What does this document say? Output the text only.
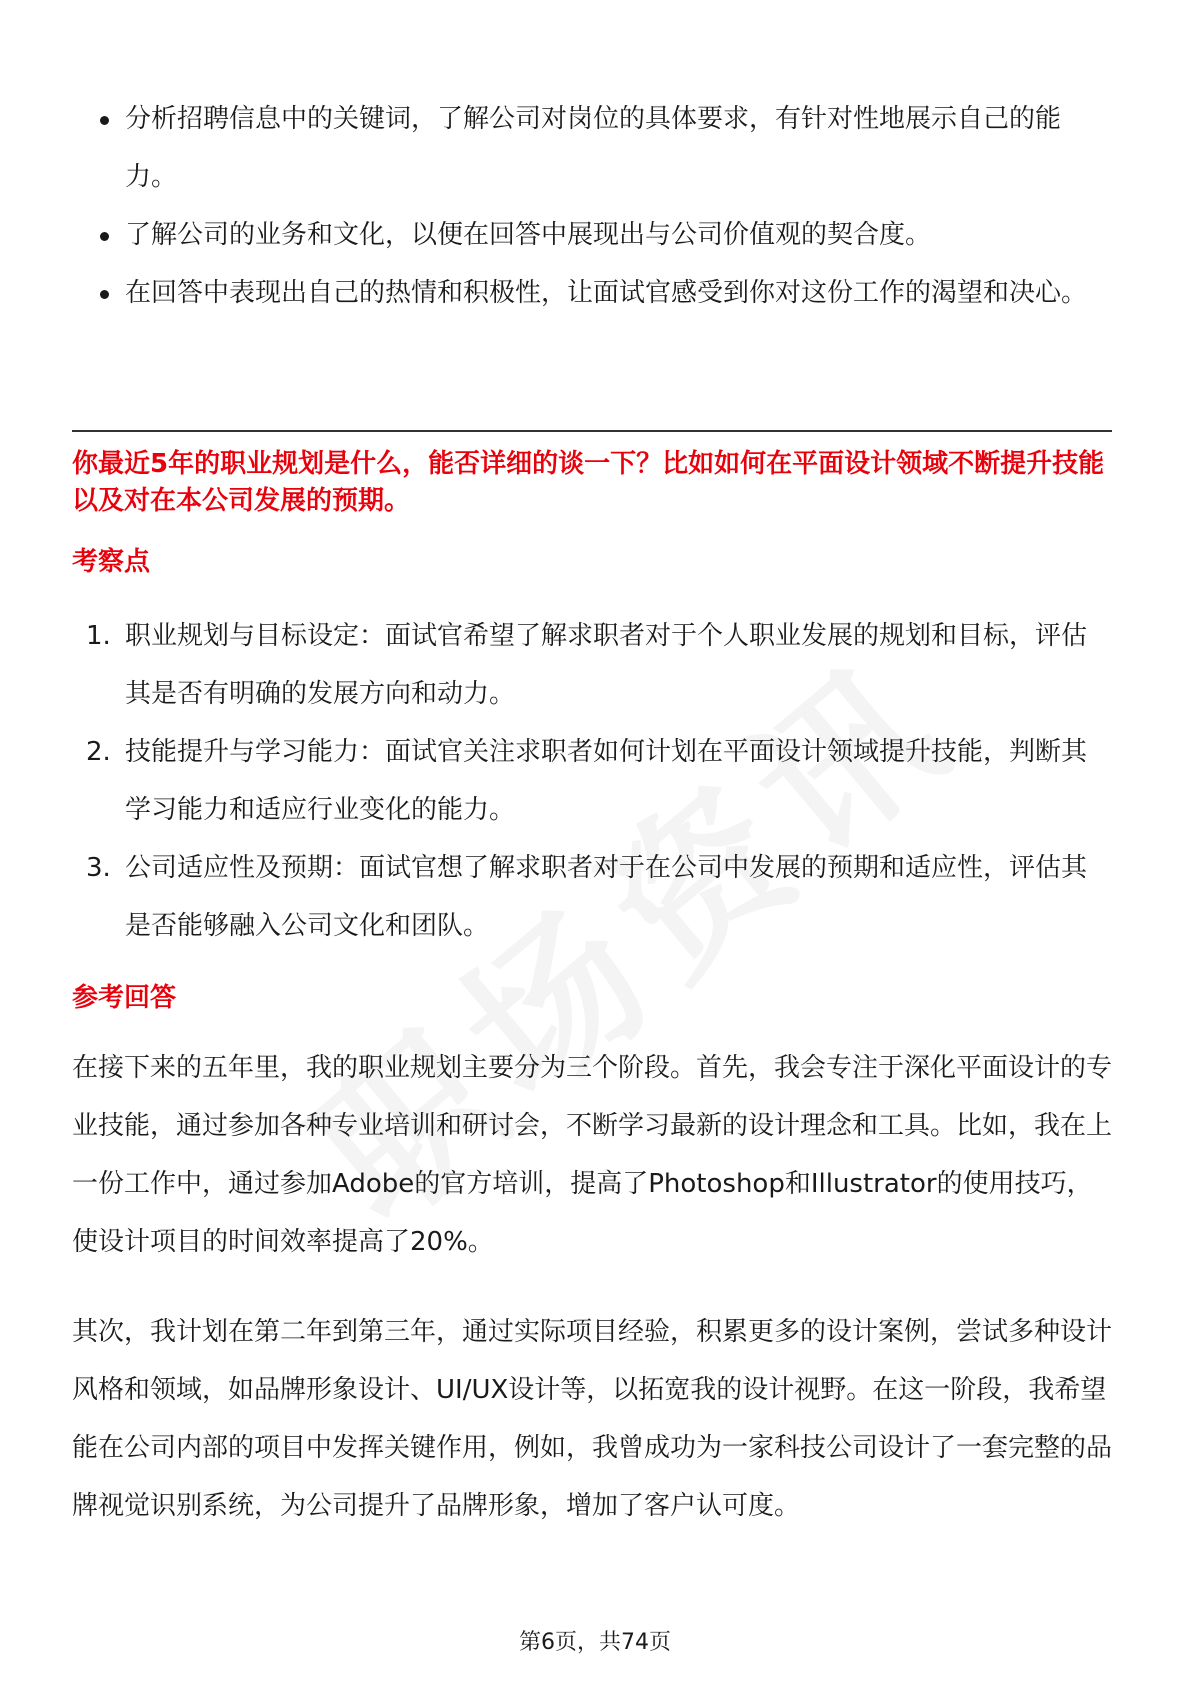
分析招聘信息中的关键词，了解公司对岗位的具体要求，有针对性地展示自己的能力。
了解公司的业务和文化，以便在回答中展现出与公司价值观的契合度。
在回答中表现出自己的热情和积极性，让面试官感受到你对这份工作的渴望和决心。

你最近5年的职业规划是什么，能否详细的谈一下？比如如何在平面设计领域不断提升技能以及对在本公司发展的预期。

考察点
1. 职业规划与目标设定：面试官希望了解求职者对于个人职业发展的规划和目标，评估其是否有明确的发展方向和动力。
2. 技能提升与学习能力：面试官关注求职者如何计划在平面设计领域提升技能，判断其学习能力和适应行业变化的能力。
3. 公司适应性及预期：面试官想了解求职者对于在公司中发展的预期和适应性，评估其是否能够融入公司文化和团队。
参考回答

在接下来的五年里，我的职业规划主要分为三个阶段。首先，我会专注于深化平面设计的专业技能，通过参加各种专业培训和研讨会，不断学习最新的设计理念和工具。比如，我在上一份工作中，通过参加Adobe的官方培训，提高了Photoshop和Illustrator的使用技巧，使设计项目的时间效率提高了20%。

其次，我计划在第二年到第三年，通过实际项目经验，积累更多的设计案例，尝试多种设计风格和领域，如品牌形象设计、UI/UX设计等，以拓宽我的设计视野。在这一阶段，我希望能在公司内部的项目中发挥关键作用，例如，我曾成功为一家科技公司设计了一套完整的品牌视觉识别系统，为公司提升了品牌形象，增加了客户认可度。

第6页，共74页
